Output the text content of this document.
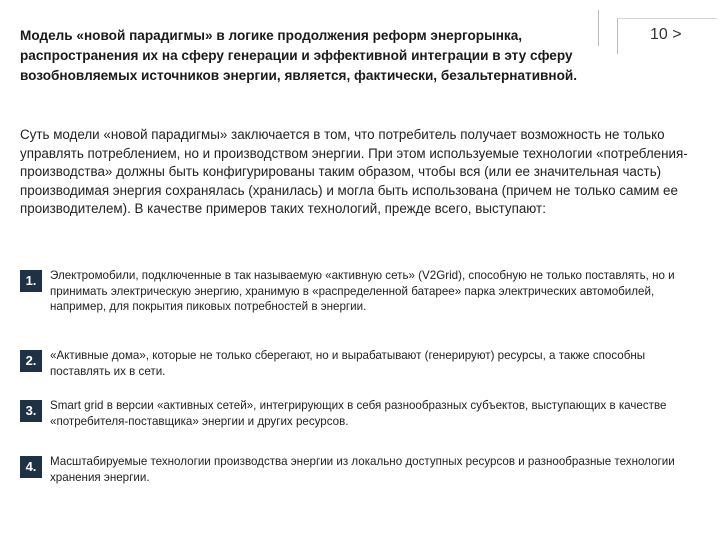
Модель «новой парадигмы» в логике продолжения реформ энергорынка, распространения их на сферу генерации и эффективной интеграции в эту сферу возобновляемых источников энергии, является, фактически, безальтернативной.
10 >

Суть модели «новой парадигмы» заключается в том, что потребитель получает возможность не только управлять потреблением, но и производством энергии. При этом используемые технологии «потребления-производства» должны быть конфигурированы таким образом, чтобы вся (или ее значительная часть) производимая энергия сохранялась (хранилась) и могла быть использована (причем не только самим ее производителем). В качестве примеров таких технологий, прежде всего, выступают:

1.	Электромобили, подключенные в так называемую «активную сеть» (V2Grid), способную не только поставлять, но и принимать электрическую энергию, хранимую в «распределенной батарее» парка электрических автомобилей, например, для покрытия пиковых потребностей в энергии.

2.	«Активные дома», которые не только сберегают, но и вырабатывают (генерируют) ресурсы, а также способны поставлять их в сети.

3.	Smart grid в версии «активных сетей», интегрирующих в себя разнообразных субъектов, выступающих в качестве «потребителя-поставщика» энергии и других ресурсов.

4.	Масштабируемые технологии производства энергии из локально доступных ресурсов и разнообразные технологии хранения энергии.
